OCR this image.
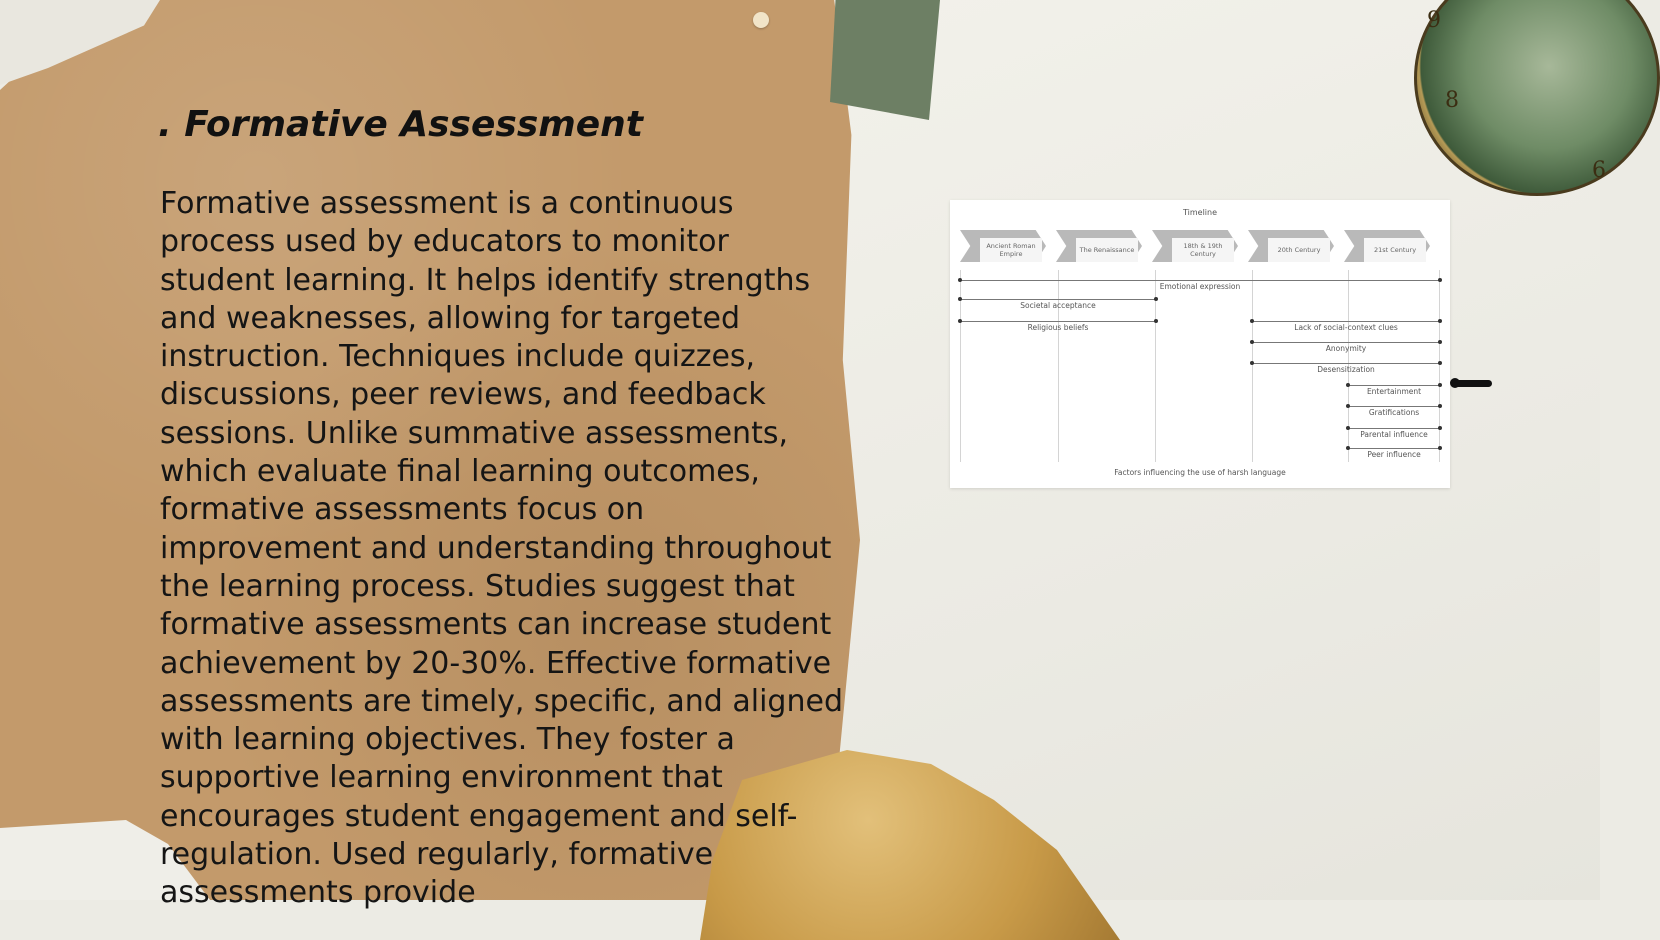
9
8
6
. Formative Assessment

Formative assessment is a continuous process used by educators to monitor student learning. It helps identify strengths and weaknesses, allowing for targeted instruction. Techniques include quizzes, discussions, peer reviews, and feedback sessions. Unlike summative assessments, which evaluate final learning outcomes, formative assessments focus on improvement and understanding throughout the learning process. Studies suggest that formative assessments can increase student achievement by 20-30%. Effective formative assessments are timely, specific, and aligned with learning objectives. They foster a supportive learning environment that encourages student engagement and self-regulation. Used regularly, formative assessments provide

Timeline
Ancient Roman Empire	The Renaissance	18th & 19th Century	20th Century	21st Century
Emotional expression
Societal acceptance
Religious beliefs	Lack of social-context clues
Anonymity
Desensitization
Entertainment
Gratifications
Parental influence
Peer influence
Factors influencing the use of harsh language
